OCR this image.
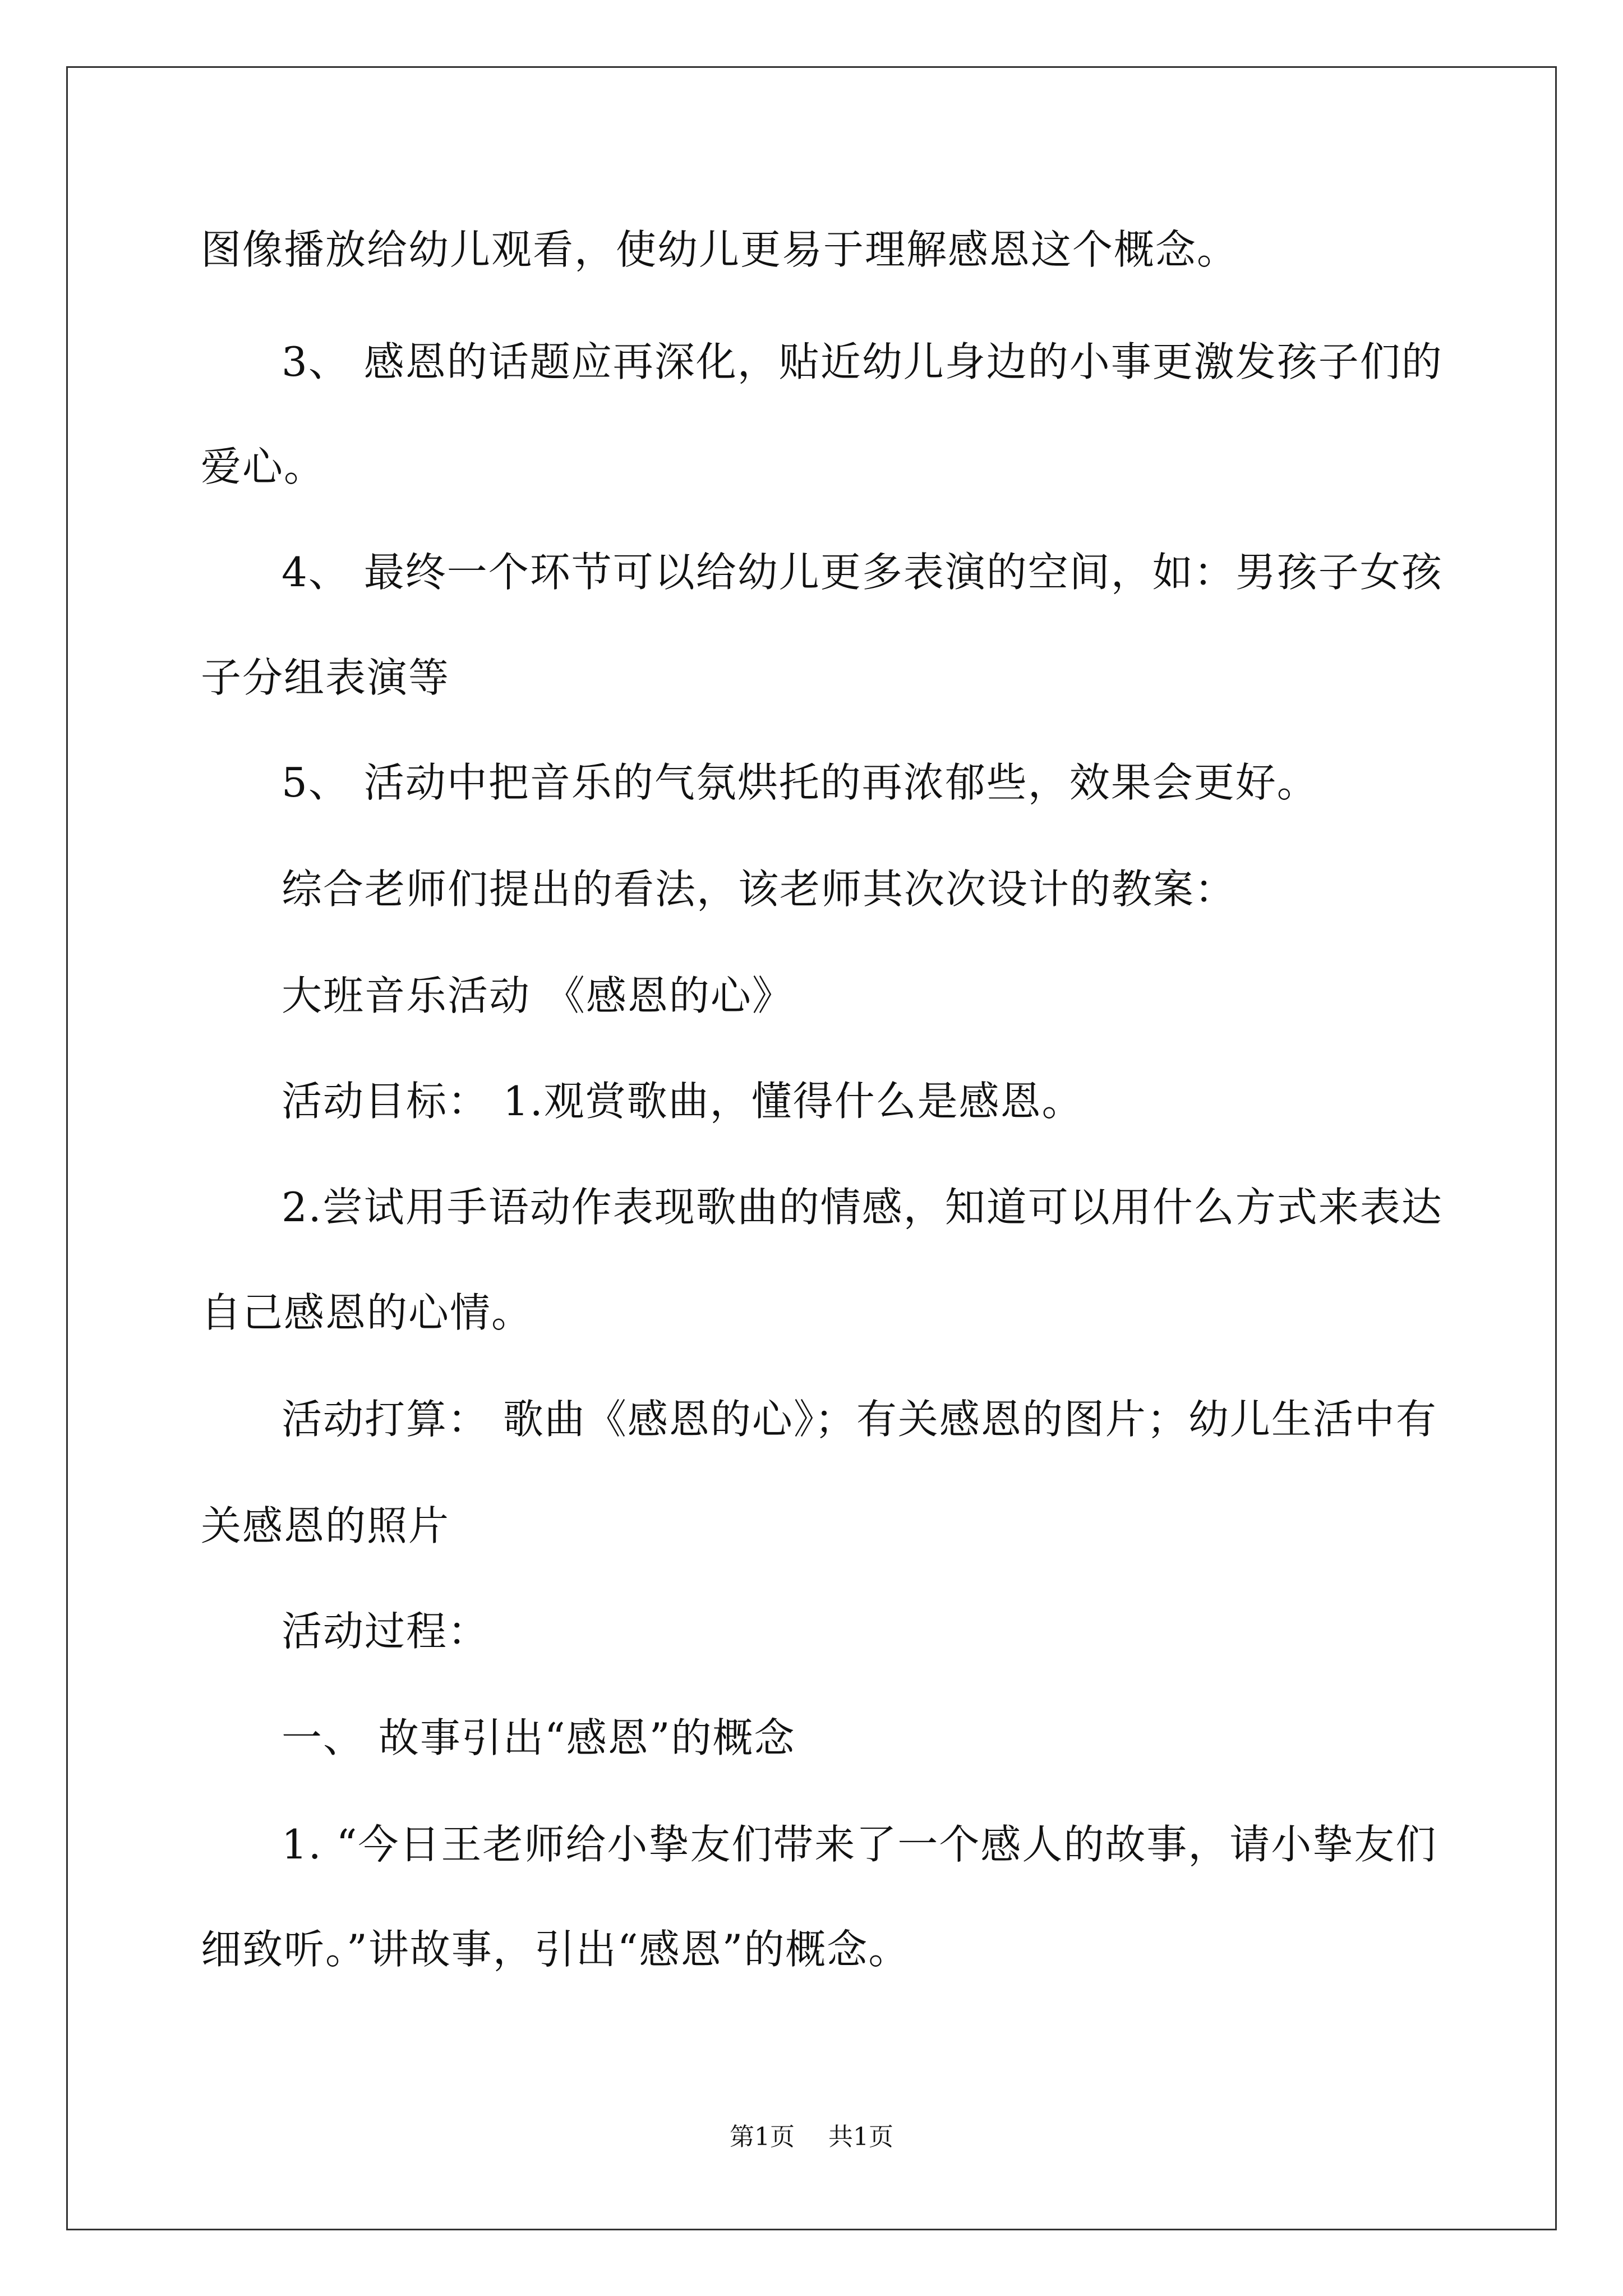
图像播放给幼儿观看，使幼儿更易于理解感恩这个概念。
3、 感恩的话题应再深化，贴近幼儿身边的小事更激发孩子们的
爱心。
4、 最终一个环节可以给幼儿更多表演的空间，如：男孩子女孩
子分组表演等
5、 活动中把音乐的气氛烘托的再浓郁些，效果会更好。
综合老师们提出的看法，该老师其次次设计的教案：
大班音乐活动 《感恩的心》
活动目标： 1.观赏歌曲，懂得什么是感恩。
2.尝试用手语动作表现歌曲的情感，知道可以用什么方式来表达
自己感恩的心情。
活动打算： 歌曲《感恩的心》；有关感恩的图片；幼儿生活中有
关感恩的照片
活动过程：
一、 故事引出“感恩”的概念
1. “今日王老师给小挚友们带来了一个感人的故事，请小挚友们
细致听。”讲故事，引出“感恩”的概念。
第1页 共1页
